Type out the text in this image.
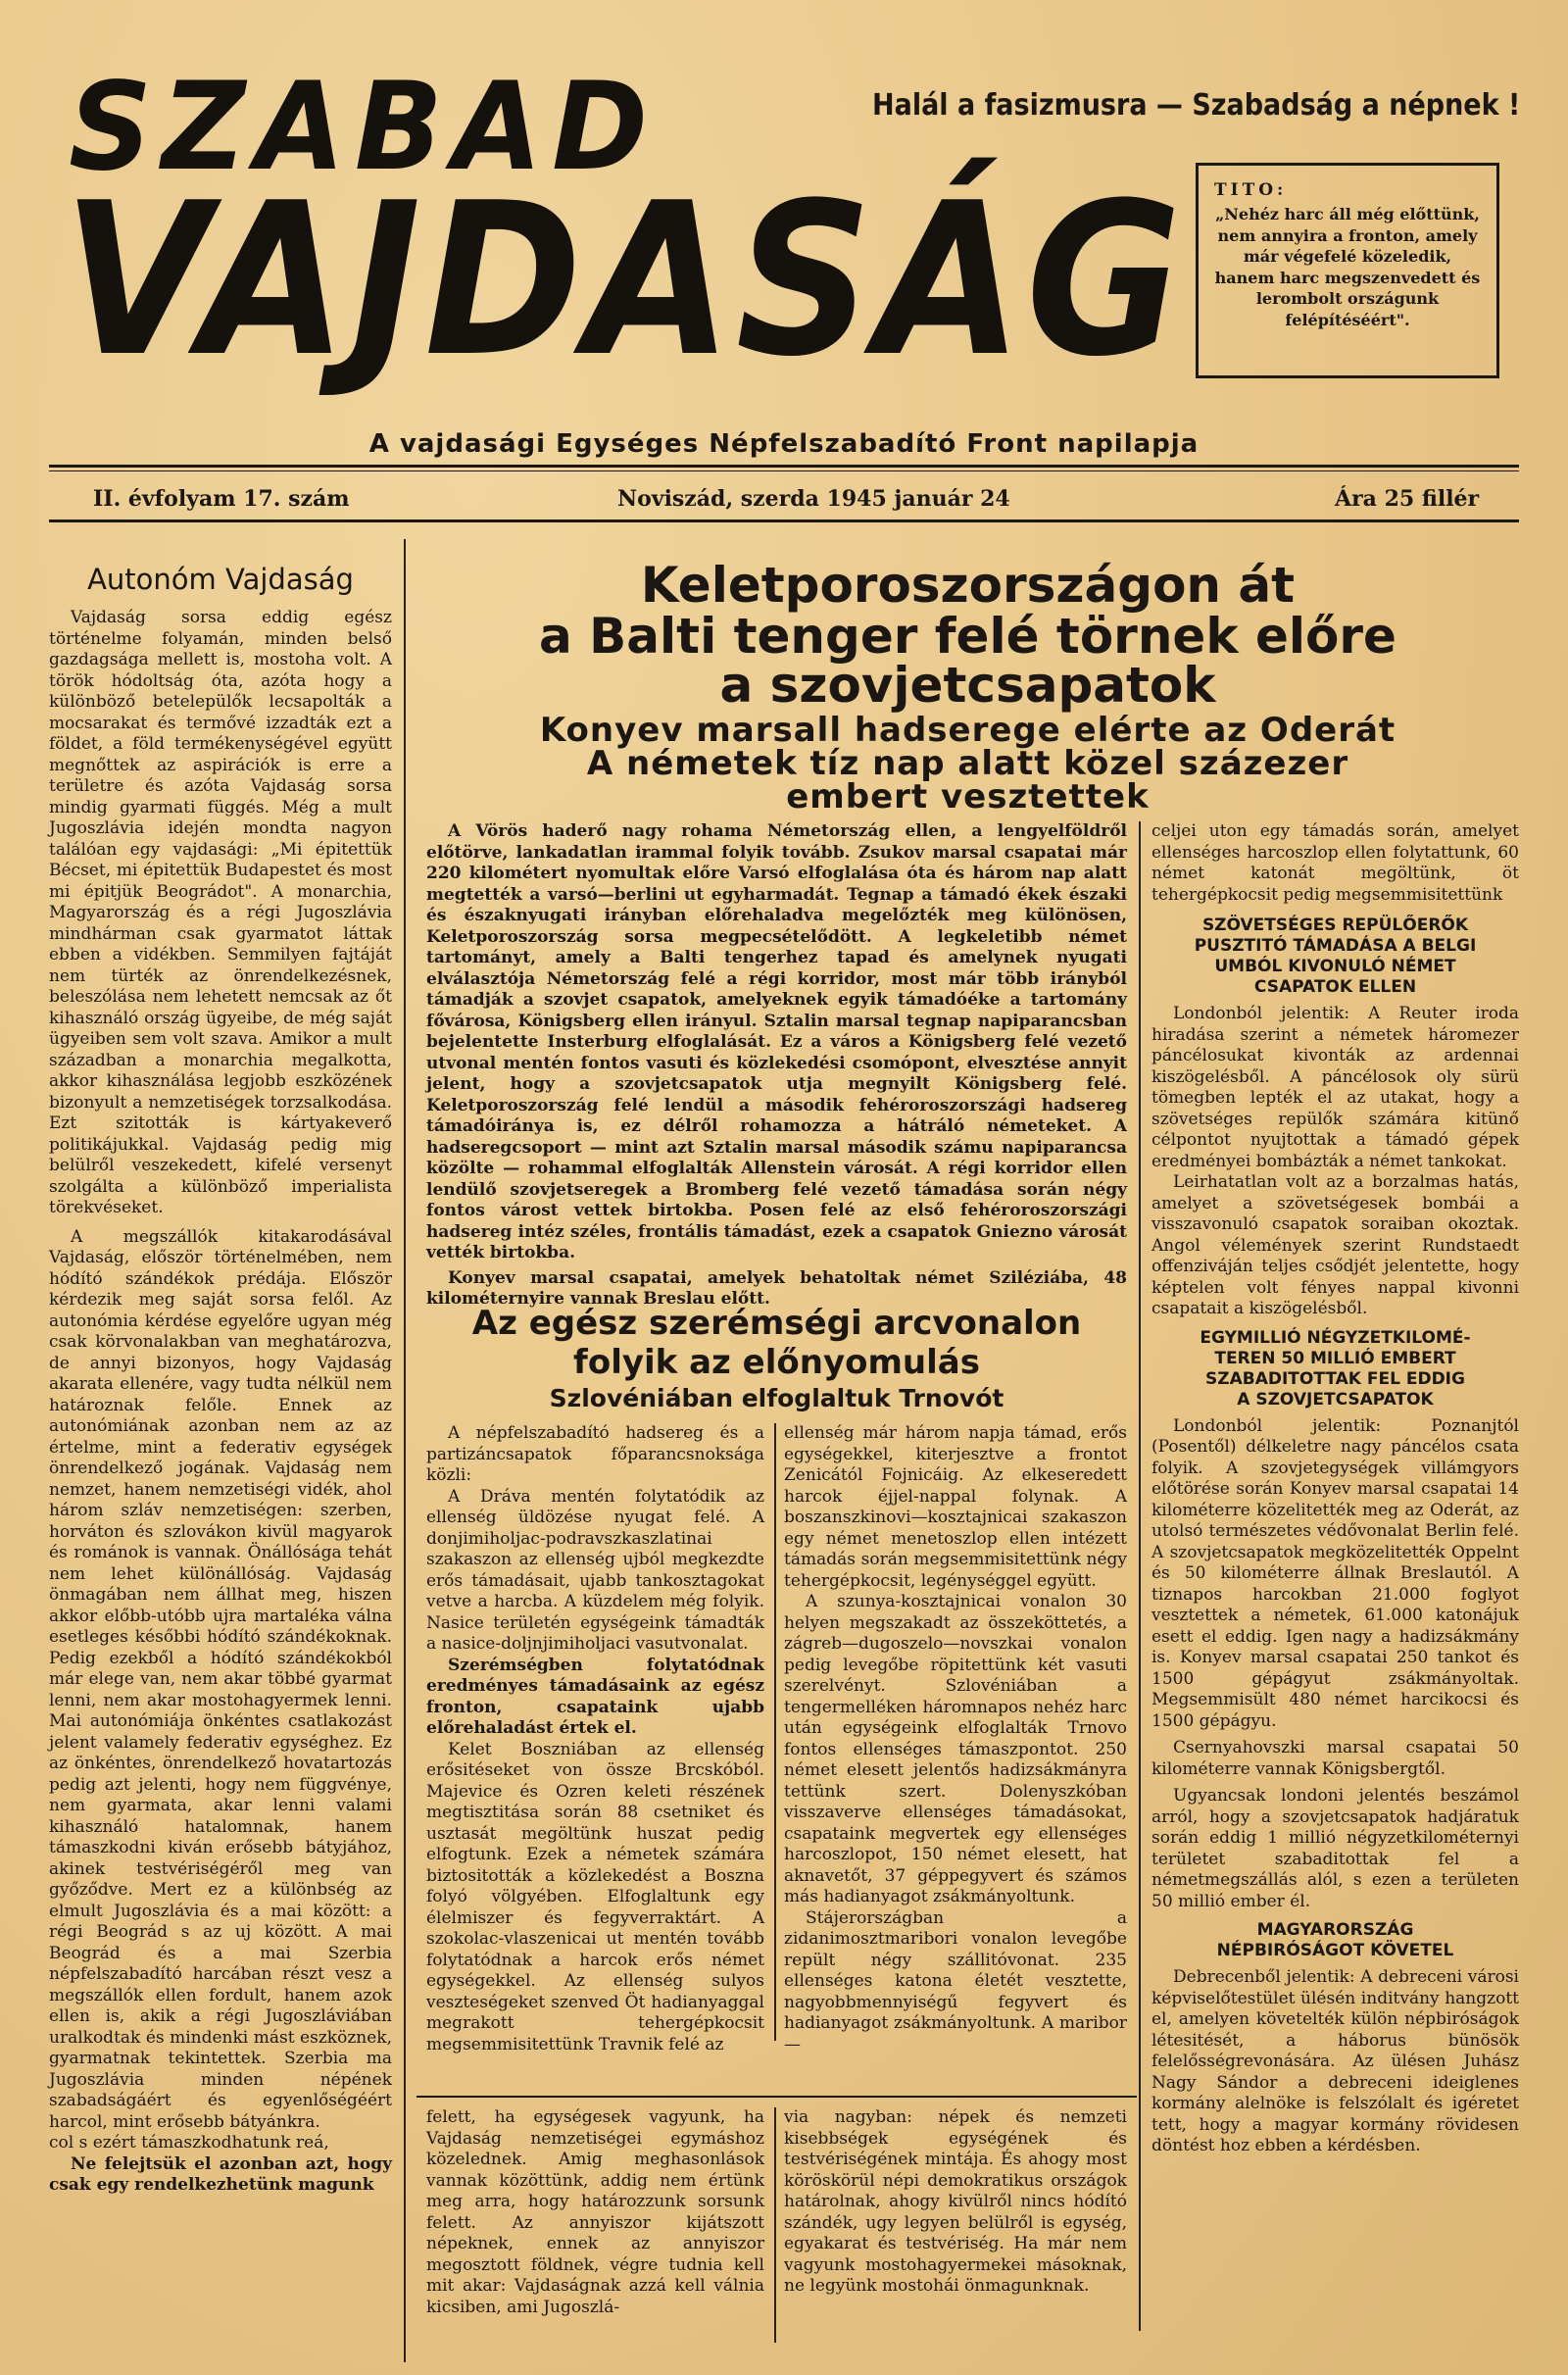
SZABAD
VAJDASÁG
Halál a fasizmusra — Szabadság a népnek !
TITO:
„Nehéz harc áll még előttünk, nem annyira a fronton, amely már végefelé közeledik, hanem harc megszenvedett és lerombolt országunk felépítéséért".
A vajdasági Egységes Népfelszabadító Front napilapja
II. évfolyam 17. szám	Noviszád, szerda 1945 január 24	Ára 25 fillér
Autonóm Vajdaság

Vajdaság sorsa eddig egész történelme folyamán, minden belső gazdagsága mellett is, mostoha volt. A török hódoltság óta, azóta hogy a különböző betelepülők lecsapolták a mocsarakat és termővé izzadták ezt a földet, a föld termékenységével együtt megnőttek az aspirációk is erre a területre és azóta Vajdaság sorsa mindig gyarmati függés. Még a mult Jugoszlávia idején mondta nagyon találóan egy vajdasági: „Mi épitettük Bécset, mi épitettük Budapestet és most mi épitjük Beográdot". A monarchia, Magyarország és a régi Jugoszlávia mindhárman csak gyarmatot láttak ebben a vidékben. Semmilyen fajtáját nem türték az önrendelkezésnek, beleszólása nem lehetett nemcsak az őt kihasználó ország ügyeibe, de még saját ügyeiben sem volt szava. Amikor a mult században a monarchia megalkotta, akkor kihasználása legjobb eszközének bizonyult a nemzetiségek torzsalkodása. Ezt szitották is kártyakeverő politikájukkal. Vajdaság pedig mig belülről veszekedett, kifelé versenyt szolgálta a különböző imperialista törekvéseket.

A megszállók kitakarodásával Vajdaság, először történelmében, nem hódító szándékok prédája. Először kérdezik meg saját sorsa felől. Az autonómia kérdése egyelőre ugyan még csak körvonalakban van meghatározva, de annyi bizonyos, hogy Vajdaság akarata ellenére, vagy tudta nélkül nem határoznak felőle. Ennek az autonómiának azonban nem az az értelme, mint a federativ egységek önrendelkező jogának. Vajdaság nem nemzet, hanem nemzetiségi vidék, ahol három szláv nemzetiségen: szerben, horváton és szlovákon kivül magyarok és románok is vannak. Önállósága tehát nem lehet különállóság. Vajdaság önmagában nem állhat meg, hiszen akkor előbb-utóbb ujra martaléka válna esetleges későbbi hódító szándékoknak. Pedig ezekből a hódító szándékokból már elege van, nem akar többé gyarmat lenni, nem akar mostohagyermek lenni. Mai autonómiája önkéntes csatlakozást jelent valamely federativ egységhez. Ez az önkéntes, önrendelkező hovatartozás pedig azt jelenti, hogy nem függvénye, nem gyarmata, akar lenni valami kihasználó hatalomnak, hanem támaszkodni kiván erősebb bátyjához, akinek testvériségéről meg van győződve. Mert ez a különbség az elmult Jugoszlávia és a mai között: a régi Beográd s az uj között. A mai Beográd és a mai Szerbia népfelszabadító harcában részt vesz a megszállók ellen fordult, hanem azok ellen is, akik a régi Jugoszláviában uralkodtak és mindenki mást eszköznek, gyarmatnak tekintettek. Szerbia ma Jugoszlávia minden népének szabadságáért és egyenlőségéért harcol, mint erősebb bátyánkra.

col s ezért támaszkodhatunk reá,

Ne felejtsük el azonban azt, hogy csak egy rendelkezhetünk magunk

Keletporoszországon át
a Balti tenger felé törnek előre
a szovjetcsapatok
Konyev marsall hadserege elérte az Oderát
A németek tíz nap alatt közel százezer
embert vesztettek

A Vörös haderő nagy rohama Németország ellen, a lengyelföldről előtörve, lankadatlan irammal folyik tovább. Zsukov marsal csapatai már 220 kilométert nyomultak előre Varsó elfoglalása óta és három nap alatt megtették a varsó—berlini ut egyharmadát. Tegnap a támadó ékek északi és északnyugati irányban előrehaladva megelőzték meg különösen, Keletporoszország sorsa megpecsételődött. A legkeletibb német tartományt, amely a Balti tengerhez tapad és amelynek nyugati elválasztója Németország felé a régi korridor, most már több irányból támadják a szovjet csapatok, amelyeknek egyik támadóéke a tartomány fővárosa, Königsberg ellen irányul. Sztalin marsal tegnap napiparancsban bejelentette Insterburg elfoglalását. Ez a város a Königsberg felé vezető utvonal mentén fontos vasuti és közlekedési csomópont, elvesztése annyit jelent, hogy a szovjetcsapatok utja megnyilt Königsberg felé. Keletporoszország felé lendül a második fehéroroszországi hadsereg támadóiránya is, ez délről rohamozza a hátráló németeket. A hadseregcsoport — mint azt Sztalin marsal második számu napiparancsa közölte — rohammal elfoglalták Allenstein városát. A régi korridor ellen lendülő szovjetseregek a Bromberg felé vezető támadása során négy fontos várost vettek birtokba. Posen felé az első fehéroroszországi hadsereg intéz széles, frontális támadást, ezek a csapatok Gniezno városát vették birtokba.

Konyev marsal csapatai, amelyek behatoltak német Sziléziába, 48 kilométernyire vannak Breslau előtt.

celjei uton egy támadás során, amelyet ellenséges harcoszlop ellen folytattunk, 60 német katonát megöltünk, öt tehergépkocsit pedig megsemmisitettünk

SZÖVETSÉGES REPÜLŐERŐK
PUSZTITÓ TÁMADÁSA A BELGI
UMBÓL KIVONULÓ NÉMET
CSAPATOK ELLEN

Londonból jelentik: A Reuter iroda hiradása szerint a németek háromezer páncélosukat kivonták az ardennai kiszögelésből. A páncélosok oly sürü tömegben lepték el az utakat, hogy a szövetséges repülők számára kitünő célpontot nyujtottak a támadó gépek eredményei bombázták a német tankokat.

Leirhatatlan volt az a borzalmas hatás, amelyet a szövetségesek bombái a visszavonuló csapatok soraiban okoztak. Angol vélemények szerint Rundstaedt offenziváján teljes csődjét jelentette, hogy képtelen volt fényes nappal kivonni csapatait a kiszögelésből.

EGYMILLIÓ NÉGYZETKILOMÉ-
TEREN 50 MILLIÓ EMBERT
SZABADITOTTAK FEL EDDIG
A SZOVJETCSAPATOK

Londonból jelentik: Poznanjtól (Posentől) délkeletre nagy páncélos csata folyik. A szovjetegységek villámgyors előtörése során Konyev marsal csapatai 14 kilométerre közelitették meg az Oderát, az utolsó természetes védővonalat Berlin felé. A szovjetcsapatok megközelitették Oppelnt és 50 kilométerre állnak Breslautól. A tiznapos harcokban 21.000 foglyot vesztettek a németek, 61.000 katonájuk esett el eddig. Igen nagy a hadizsákmány is. Konyev marsal csapatai 250 tankot és 1500 gépágyut zsákmányoltak. Megsemmisült 480 német harcikocsi és 1500 gépágyu.

Csernyahovszki marsal csapatai 50 kilométerre vannak Königsbergtől.

Ugyancsak londoni jelentés beszámol arról, hogy a szovjetcsapatok hadjáratuk során eddig 1 millió négyzetkilométernyi területet szabaditottak fel a németmegszállás alól, s ezen a területen 50 millió ember él.

MAGYARORSZÁG
NÉPBIRÓSÁGOT KÖVETEL

Debrecenből jelentik: A debreceni városi képviselőtestület ülésén inditvány hangzott el, amelyen követelték külön népbiróságok létesitését, a háborus bünösök felelősségrevonására. Az ülésen Juhász Nagy Sándor a debreceni ideiglenes kormány alelnöke is felszólalt és igéretet tett, hogy a magyar kormány rövidesen döntést hoz ebben a kérdésben.

Az egész szerémségi arcvonalon
folyik az előnyomulás
Szlovéniában elfoglaltuk Trnovót

A népfelszabadító hadsereg és a partizáncsapatok főparancsnoksága közli:

A Dráva mentén folytatódik az ellenség üldözése nyugat felé. A donjimiholjac-podravszkaszlatinai szakaszon az ellenség ujból megkezdte erős támadásait, ujabb tankosztagokat vetve a harcba. A küzdelem még folyik. Nasice területén egységeink támadták a nasice-doljnjimiholjaci vasutvonalat.

Szerémségben folytatódnak eredményes támadásaink az egész fronton, csapataink ujabb előrehaladást értek el.

Kelet Boszniában az ellenség erősitéseket von össze Brcskóból. Majevice és Ozren keleti részének megtisztitása során 88 csetniket és usztasát megöltünk huszat pedig elfogtunk. Ezek a németek számára biztositották a közlekedést a Boszna folyó völgyében. Elfoglaltunk egy élelmiszer és fegyverraktárt. A szokolac-vlaszenicai ut mentén tovább folytatódnak a harcok erős német egységekkel. Az ellenség sulyos veszteségeket szenved Öt hadianyaggal megrakott tehergépkocsit megsemmisitettünk Travnik felé az

ellenség már három napja támad, erős egységekkel, kiterjesztve a frontot Zenicától Fojnicáig. Az elkeseredett harcok éjjel-nappal folynak. A boszanszkinovi—kosztajnicai szakaszon egy német menetoszlop ellen intézett támadás során megsemmisitettünk négy tehergépkocsit, legénységgel együtt.

A szunya-kosztajnicai vonalon 30 helyen megszakadt az összeköttetés, a zágreb—dugoszelo—novszkai vonalon pedig levegőbe röpitettünk két vasuti szerelvényt. Szlovéniában a tengermelléken háromnapos nehéz harc után egységeink elfoglalták Trnovo fontos ellenséges támaszpontot. 250 német elesett jelentős hadizsákmányra tettünk szert. Dolenyszkóban visszaverve ellenséges támadásokat, csapataink megvertek egy ellenséges harcoszlopot, 150 német elesett, hat aknavetőt, 37 géppegyvert és számos más hadianyagot zsákmányoltunk.

Stájerországban a zidanimosztmaribori vonalon levegőbe repült négy szállitóvonat. 235 ellenséges katona életét vesztette, nagyobbmennyiségű fegyvert és hadianyagot zsákmányoltunk. A maribor—

felett, ha egységesek vagyunk, ha Vajdaság nemzetiségei egymáshoz közelednek. Amig meghasonlások vannak közöttünk, addig nem értünk meg arra, hogy határozzunk sorsunk felett. Az annyiszor kijátszott népeknek, ennek az annyiszor megosztott földnek, végre tudnia kell mit akar: Vajdaságnak azzá kell válnia kicsiben, ami Jugoszlá-

via nagyban: népek és nemzeti kisebbségek egységének és testvériségének mintája. És ahogy most köröskörül népi demokratikus országok határolnak, ahogy kivülről nincs hódító szándék, ugy legyen belülről is egység, egyakarat és testvériség. Ha már nem vagyunk mostohagyermekei másoknak, ne legyünk mostohái önmagunknak.
